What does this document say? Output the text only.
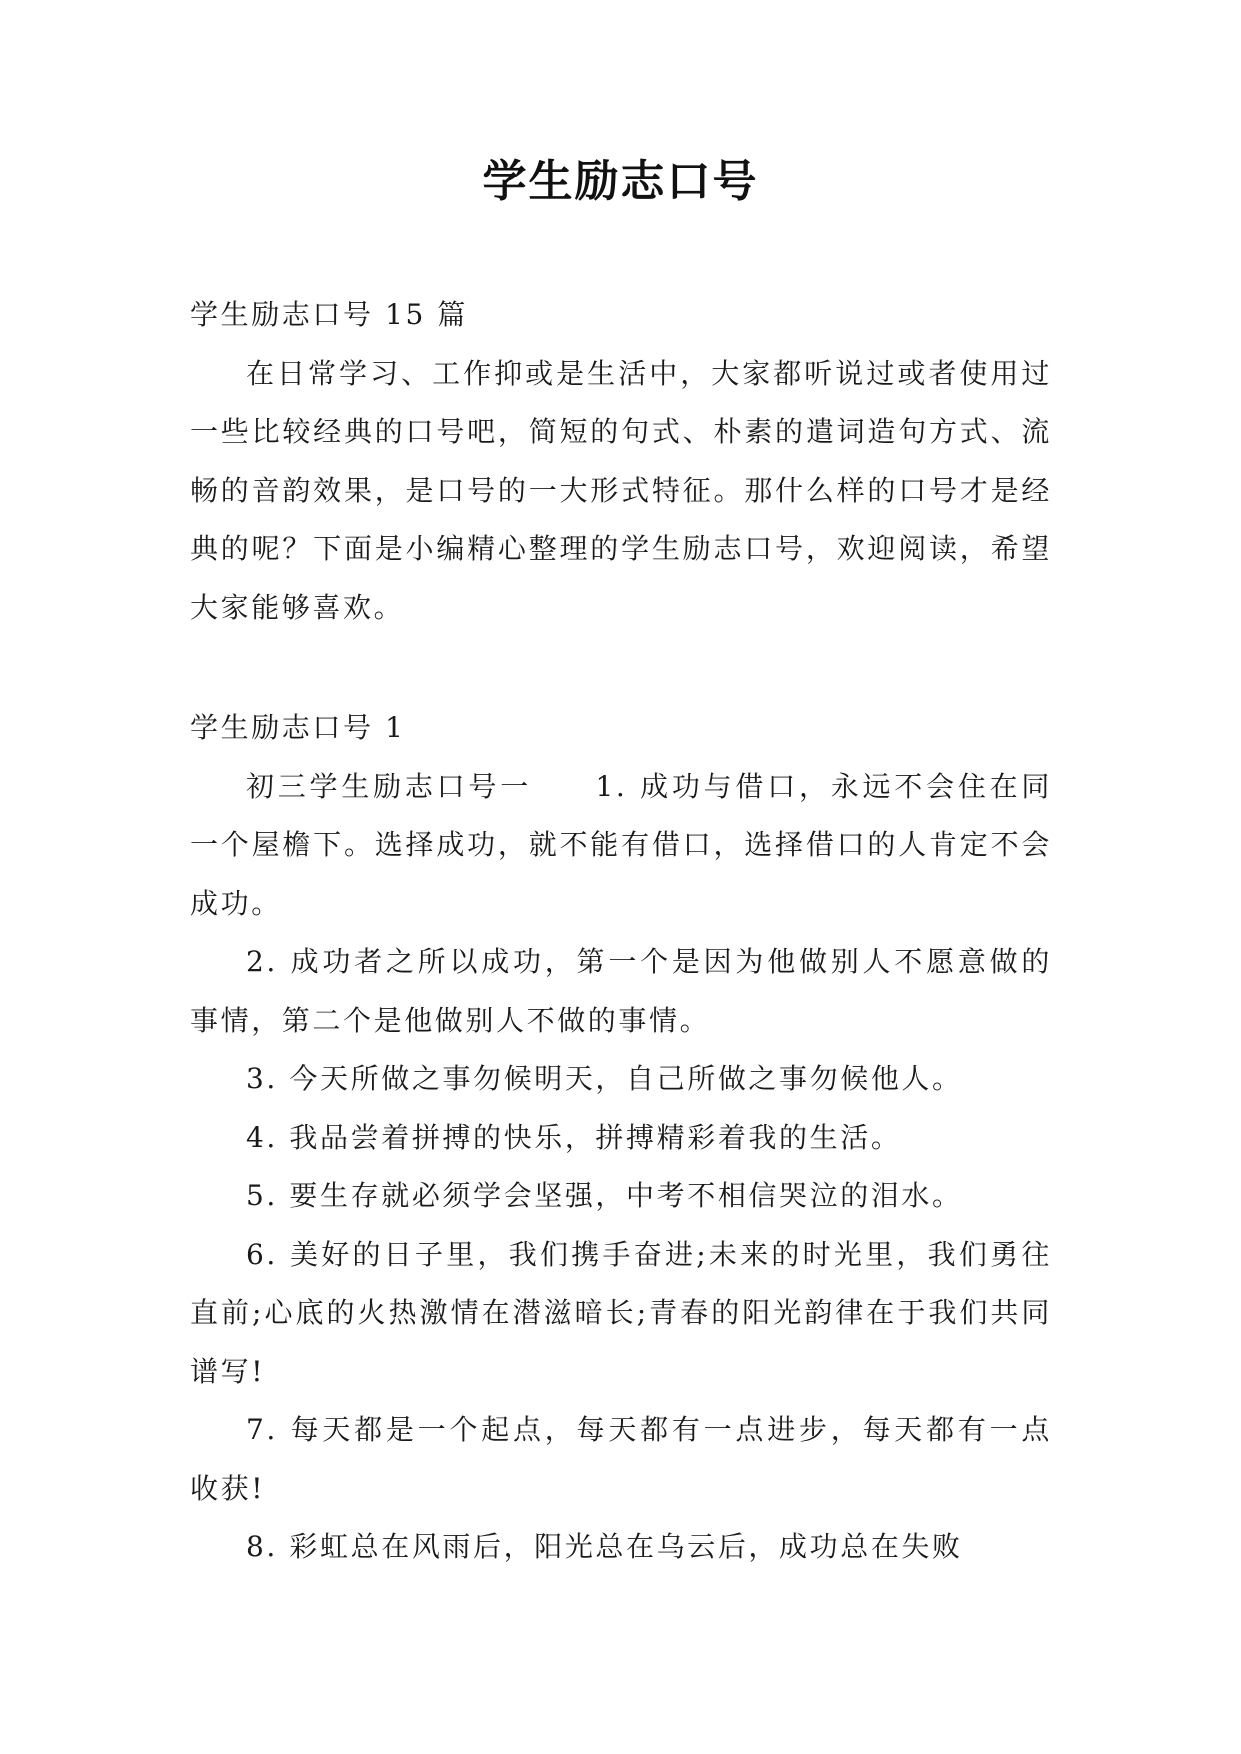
学生励志口号

学生励志口号 15 篇

在日常学习、工作抑或是生活中，大家都听说过或者使用过一些比较经典的口号吧，简短的句式、朴素的遣词造句方式、流畅的音韵效果，是口号的一大形式特征。那什么样的口号才是经典的呢？下面是小编精心整理的学生励志口号，欢迎阅读，希望大家能够喜欢。

学生励志口号 1

初三学生励志口号一　　1. 成功与借口，永远不会住在同一个屋檐下。选择成功，就不能有借口，选择借口的人肯定不会成功。

2. 成功者之所以成功，第一个是因为他做别人不愿意做的事情，第二个是他做别人不做的事情。

3. 今天所做之事勿候明天，自己所做之事勿候他人。

4. 我品尝着拼搏的快乐，拼搏精彩着我的生活。

5. 要生存就必须学会坚强，中考不相信哭泣的泪水。

6. 美好的日子里，我们携手奋进;未来的时光里，我们勇往直前;心底的火热激情在潜滋暗长;青春的阳光韵律在于我们共同谱写!

7. 每天都是一个起点，每天都有一点进步，每天都有一点收获!

8. 彩虹总在风雨后，阳光总在乌云后，成功总在失败
